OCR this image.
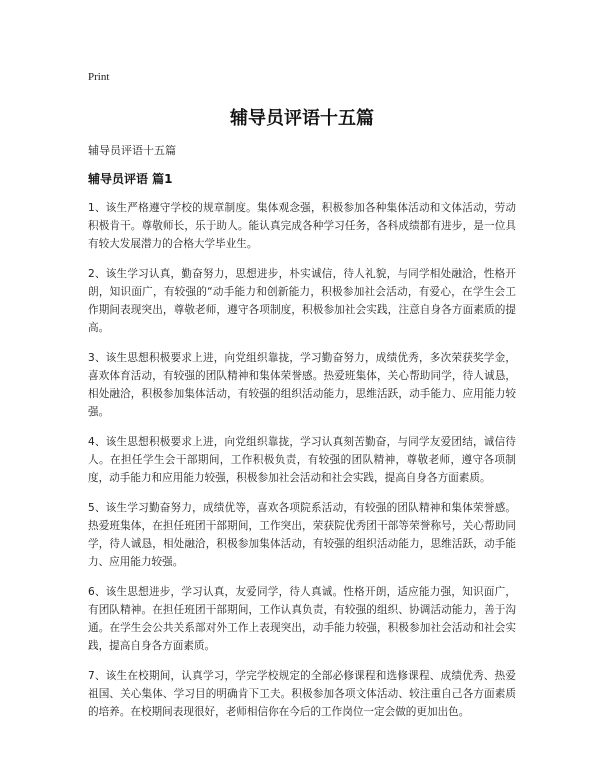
Print
辅导员评语十五篇
辅导员评语十五篇
辅导员评语 篇1

1、该生严格遵守学校的规章制度。集体观念强，积极参加各种集体活动和文体活动，劳动积极肯干。尊敬师长，乐于助人。能认真完成各种学习任务，各科成绩都有进步，是一位具有较大发展潜力的合格大学毕业生。

2、该生学习认真，勤奋努力，思想进步，朴实诚信，待人礼貌，与同学相处融洽，性格开朗，知识面广，有较强的“动手能力和创新能力，积极参加社会活动，有爱心，在学生会工作期间表现突出，尊敬老师，遵守各项制度，积极参加社会实践，注意自身各方面素质的提高。

3、该生思想积极要求上进，向党组织靠拢，学习勤奋努力，成绩优秀，多次荣获奖学金，喜欢体育活动，有较强的团队精神和集体荣誉感。热爱班集体，关心帮助同学，待人诚恳，相处融洽，积极参加集体活动，有较强的组织活动能力，思维活跃，动手能力、应用能力较强。

4、该生思想积极要求上进，向党组织靠拢，学习认真刻苦勤奋，与同学友爱团结，诚信待人。在担任学生会干部期间，工作积极负责，有较强的团队精神，尊敬老师，遵守各项制度，动手能力和应用能力较强，积极参加社会活动和社会实践，提高自身各方面素质。

5、该生学习勤奋努力，成绩优等，喜欢各项院系活动，有较强的团队精神和集体荣誉感。热爱班集体，在担任班团干部期间，工作突出，荣获院优秀团干部等荣誉称号，关心帮助同学，待人诚恳，相处融洽，积极参加集体活动，有较强的组织活动能力，思维活跃，动手能力、应用能力较强。

6、该生思想进步，学习认真，友爱同学，待人真诚。性格开朗，适应能力强，知识面广，有团队精神。在担任班团干部期间，工作认真负责，有较强的组织、协调活动能力，善于沟通。在学生会公共关系部对外工作上表现突出，动手能力较强，积极参加社会活动和社会实践，提高自身各方面素质。

7、该生在校期间，认真学习，学完学校规定的全部必修课程和选修课程、成绩优秀、热爱祖国、关心集体、学习目的明确肯下工夫。积极参加各项文体活动、较注重自己各方面素质的培养。在校期间表现很好，老师相信你在今后的工作岗位一定会做的更加出色。
